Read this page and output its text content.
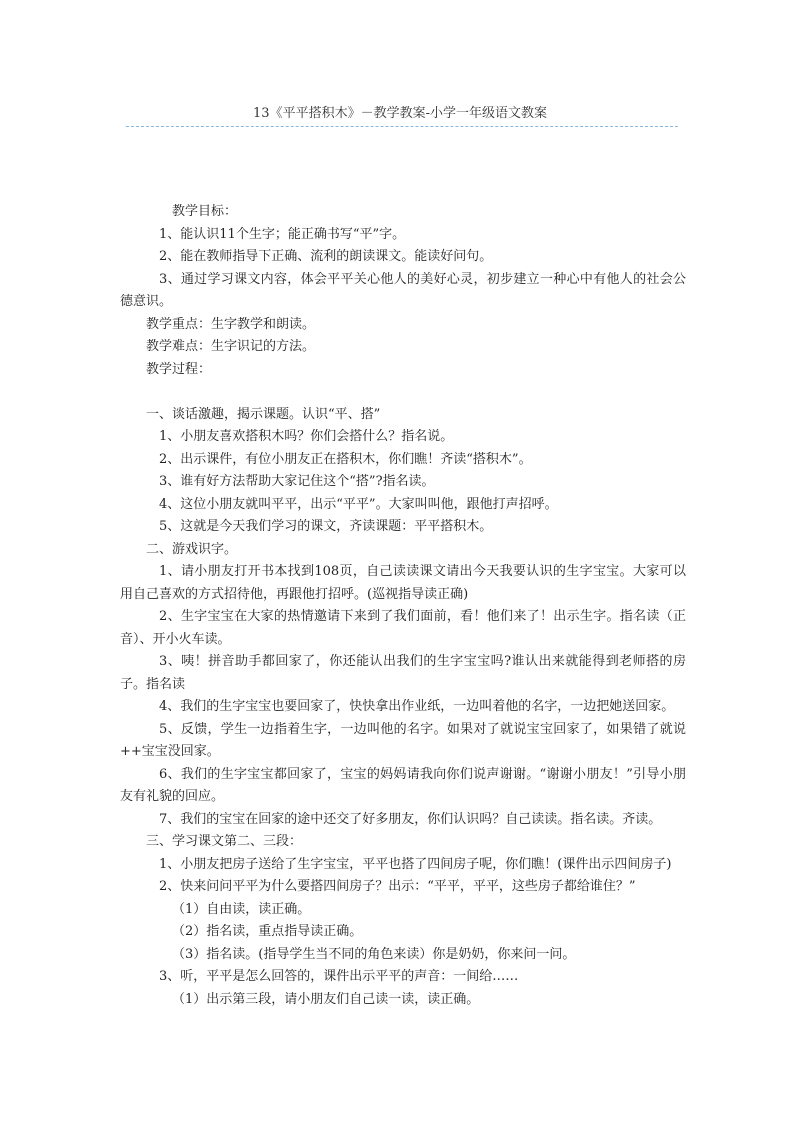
13《平平搭积木》－教学教案-小学一年级语文教案

教学目标：

1、能认识11个生字；能正确书写“平”字。

2、能在教师指导下正确、流利的朗读课文。能读好问句。

3、通过学习课文内容，体会平平关心他人的美好心灵，初步建立一种心中有他人的社会公德意识。

教学重点：生字教学和朗读。

教学难点：生字识记的方法。

教学过程：

一、谈话激趣，揭示课题。认识“平、搭”

1、小朋友喜欢搭积木吗？你们会搭什么？指名说。

2、出示课件，有位小朋友正在搭积木，你们瞧！齐读“搭积木”。

3、谁有好方法帮助大家记住这个“搭”?指名读。

4、这位小朋友就叫平平，出示“平平”。大家叫叫他，跟他打声招呼。

5、这就是今天我们学习的课文，齐读课题：平平搭积木。

二、游戏识字。

1、请小朋友打开书本找到108页，自己读读课文请出今天我要认识的生字宝宝。大家可以用自己喜欢的方式招待他，再跟他打招呼。(巡视指导读正确)

2、生字宝宝在大家的热情邀请下来到了我们面前，看！他们来了！出示生字。指名读（正音）、开小火车读。

3、咦！拼音助手都回家了，你还能认出我们的生字宝宝吗?谁认出来就能得到老师搭的房子。指名读

4、我们的生字宝宝也要回家了，快快拿出作业纸，一边叫着他的名字，一边把她送回家。

5、反馈，学生一边指着生字，一边叫他的名字。如果对了就说宝宝回家了，如果错了就说++宝宝没回家。

6、我们的生字宝宝都回家了，宝宝的妈妈请我向你们说声谢谢。“谢谢小朋友！”引导小朋友有礼貌的回应。

7、我们的宝宝在回家的途中还交了好多朋友，你们认识吗？自己读读。指名读。齐读。

三、学习课文第二、三段：

1、小朋友把房子送给了生字宝宝，平平也搭了四间房子呢，你们瞧！(课件出示四间房子)

2、快来问问平平为什么要搭四间房子？出示：“平平，平平，这些房子都给谁住？”

（1）自由读，读正确。

（2）指名读，重点指导读正确。

（3）指名读。(指导学生当不同的角色来读）你是奶奶，你来问一问。

3、听，平平是怎么回答的，课件出示平平的声音：一间给……

（1）出示第三段，请小朋友们自己读一读，读正确。
